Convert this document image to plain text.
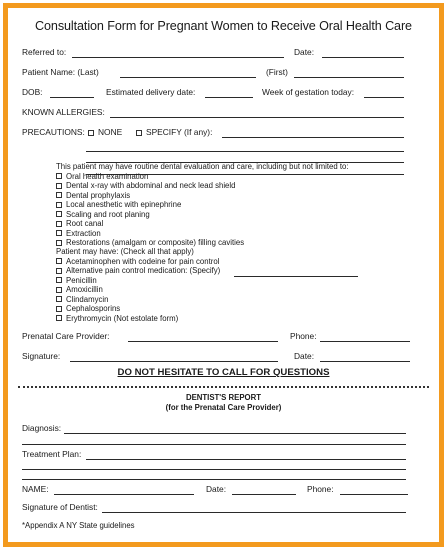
Consultation Form for Pregnant Women to Receive Oral Health Care
Referred to:	Date:
Patient Name: (Last)	(First)
DOB:	Estimated delivery date:	Week of gestation today:
KNOWN ALLERGIES:
PRECAUTIONS:	NONE	SPECIFY (If any):
This patient may have routine dental evaluation and care, including but not limited to:
Oral health examination
Dental x-ray with abdominal and neck lead shield
Dental prophylaxis
Local anesthetic with epinephrine
Scaling and root planing
Root canal
Extraction
Restorations (amalgam or composite) filling cavities
Patient may have: (Check all that apply)
Acetaminophen with codeine for pain control
Alternative pain control medication: (Specify)
Penicillin
Amoxicillin
Clindamycin
Cephalosporins
Erythromycin (Not estolate form)
Prenatal Care Provider:	Phone:
Signature:	Date:
DO NOT HESITATE TO CALL FOR QUESTIONS
DENTIST'S REPORT
(for the Prenatal Care Provider)
Diagnosis:
Treatment Plan:
NAME:	Date:	Phone:
Signature of Dentist:
*Appendix A NY State guidelines
